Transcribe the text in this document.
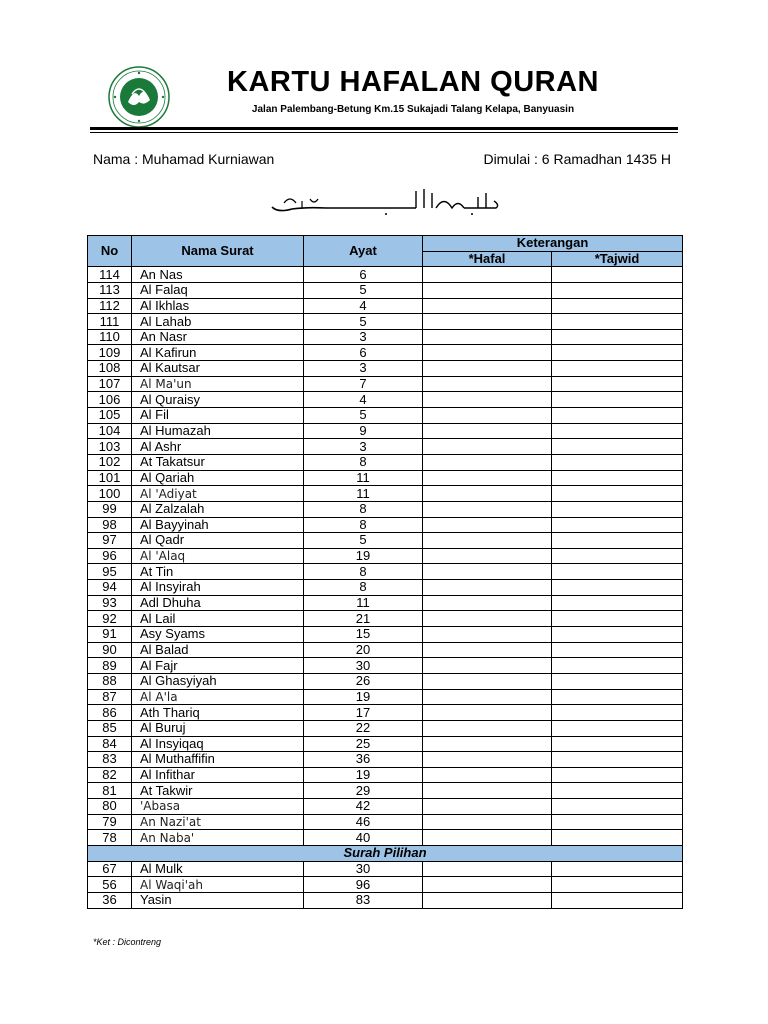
KARTU HAFALAN QURAN
Jalan Palembang-Betung Km.15 Sukajadi Talang Kelapa, Banyuasin
Nama : Muhamad Kurniawan	Dimulai : 6 Ramadhan 1435 H
No	Nama Surat	Ayat	Keterangan	
			*Hafal	*Tajwid
114	An Nas	6		
113	Al Falaq	5		
112	Al Ikhlas	4		
111	Al Lahab	5		
110	An Nasr	3		
109	Al Kafirun	6		
108	Al Kautsar	3		
107	Al Ma'un	7		
106	Al Quraisy	4		
105	Al Fil	5		
104	Al Humazah	9		
103	Al Ashr	3		
102	At Takatsur	8		
101	Al Qariah	11		
100	Al 'Adiyat	11		
99	Al Zalzalah	8		
98	Al Bayyinah	8		
97	Al Qadr	5		
96	Al 'Alaq	19		
95	At Tin	8		
94	Al Insyirah	8		
93	Adl Dhuha	11		
92	Al Lail	21		
91	Asy Syams	15		
90	Al Balad	20		
89	Al Fajr	30		
88	Al Ghasyiyah	26		
87	Al A'la	19		
86	Ath Thariq	17		
85	Al Buruj	22		
84	Al Insyiqaq	25		
83	Al Muthaffifin	36		
82	Al Infithar	19		
81	At Takwir	29		
80	'Abasa	42		
79	An Nazi'at	46		
78	An Naba'	40		
Surah Pilihan				
67	Al Mulk	30		
56	Al Waqi'ah	96		
36	Yasin	83		
*Ket : Dicontreng
